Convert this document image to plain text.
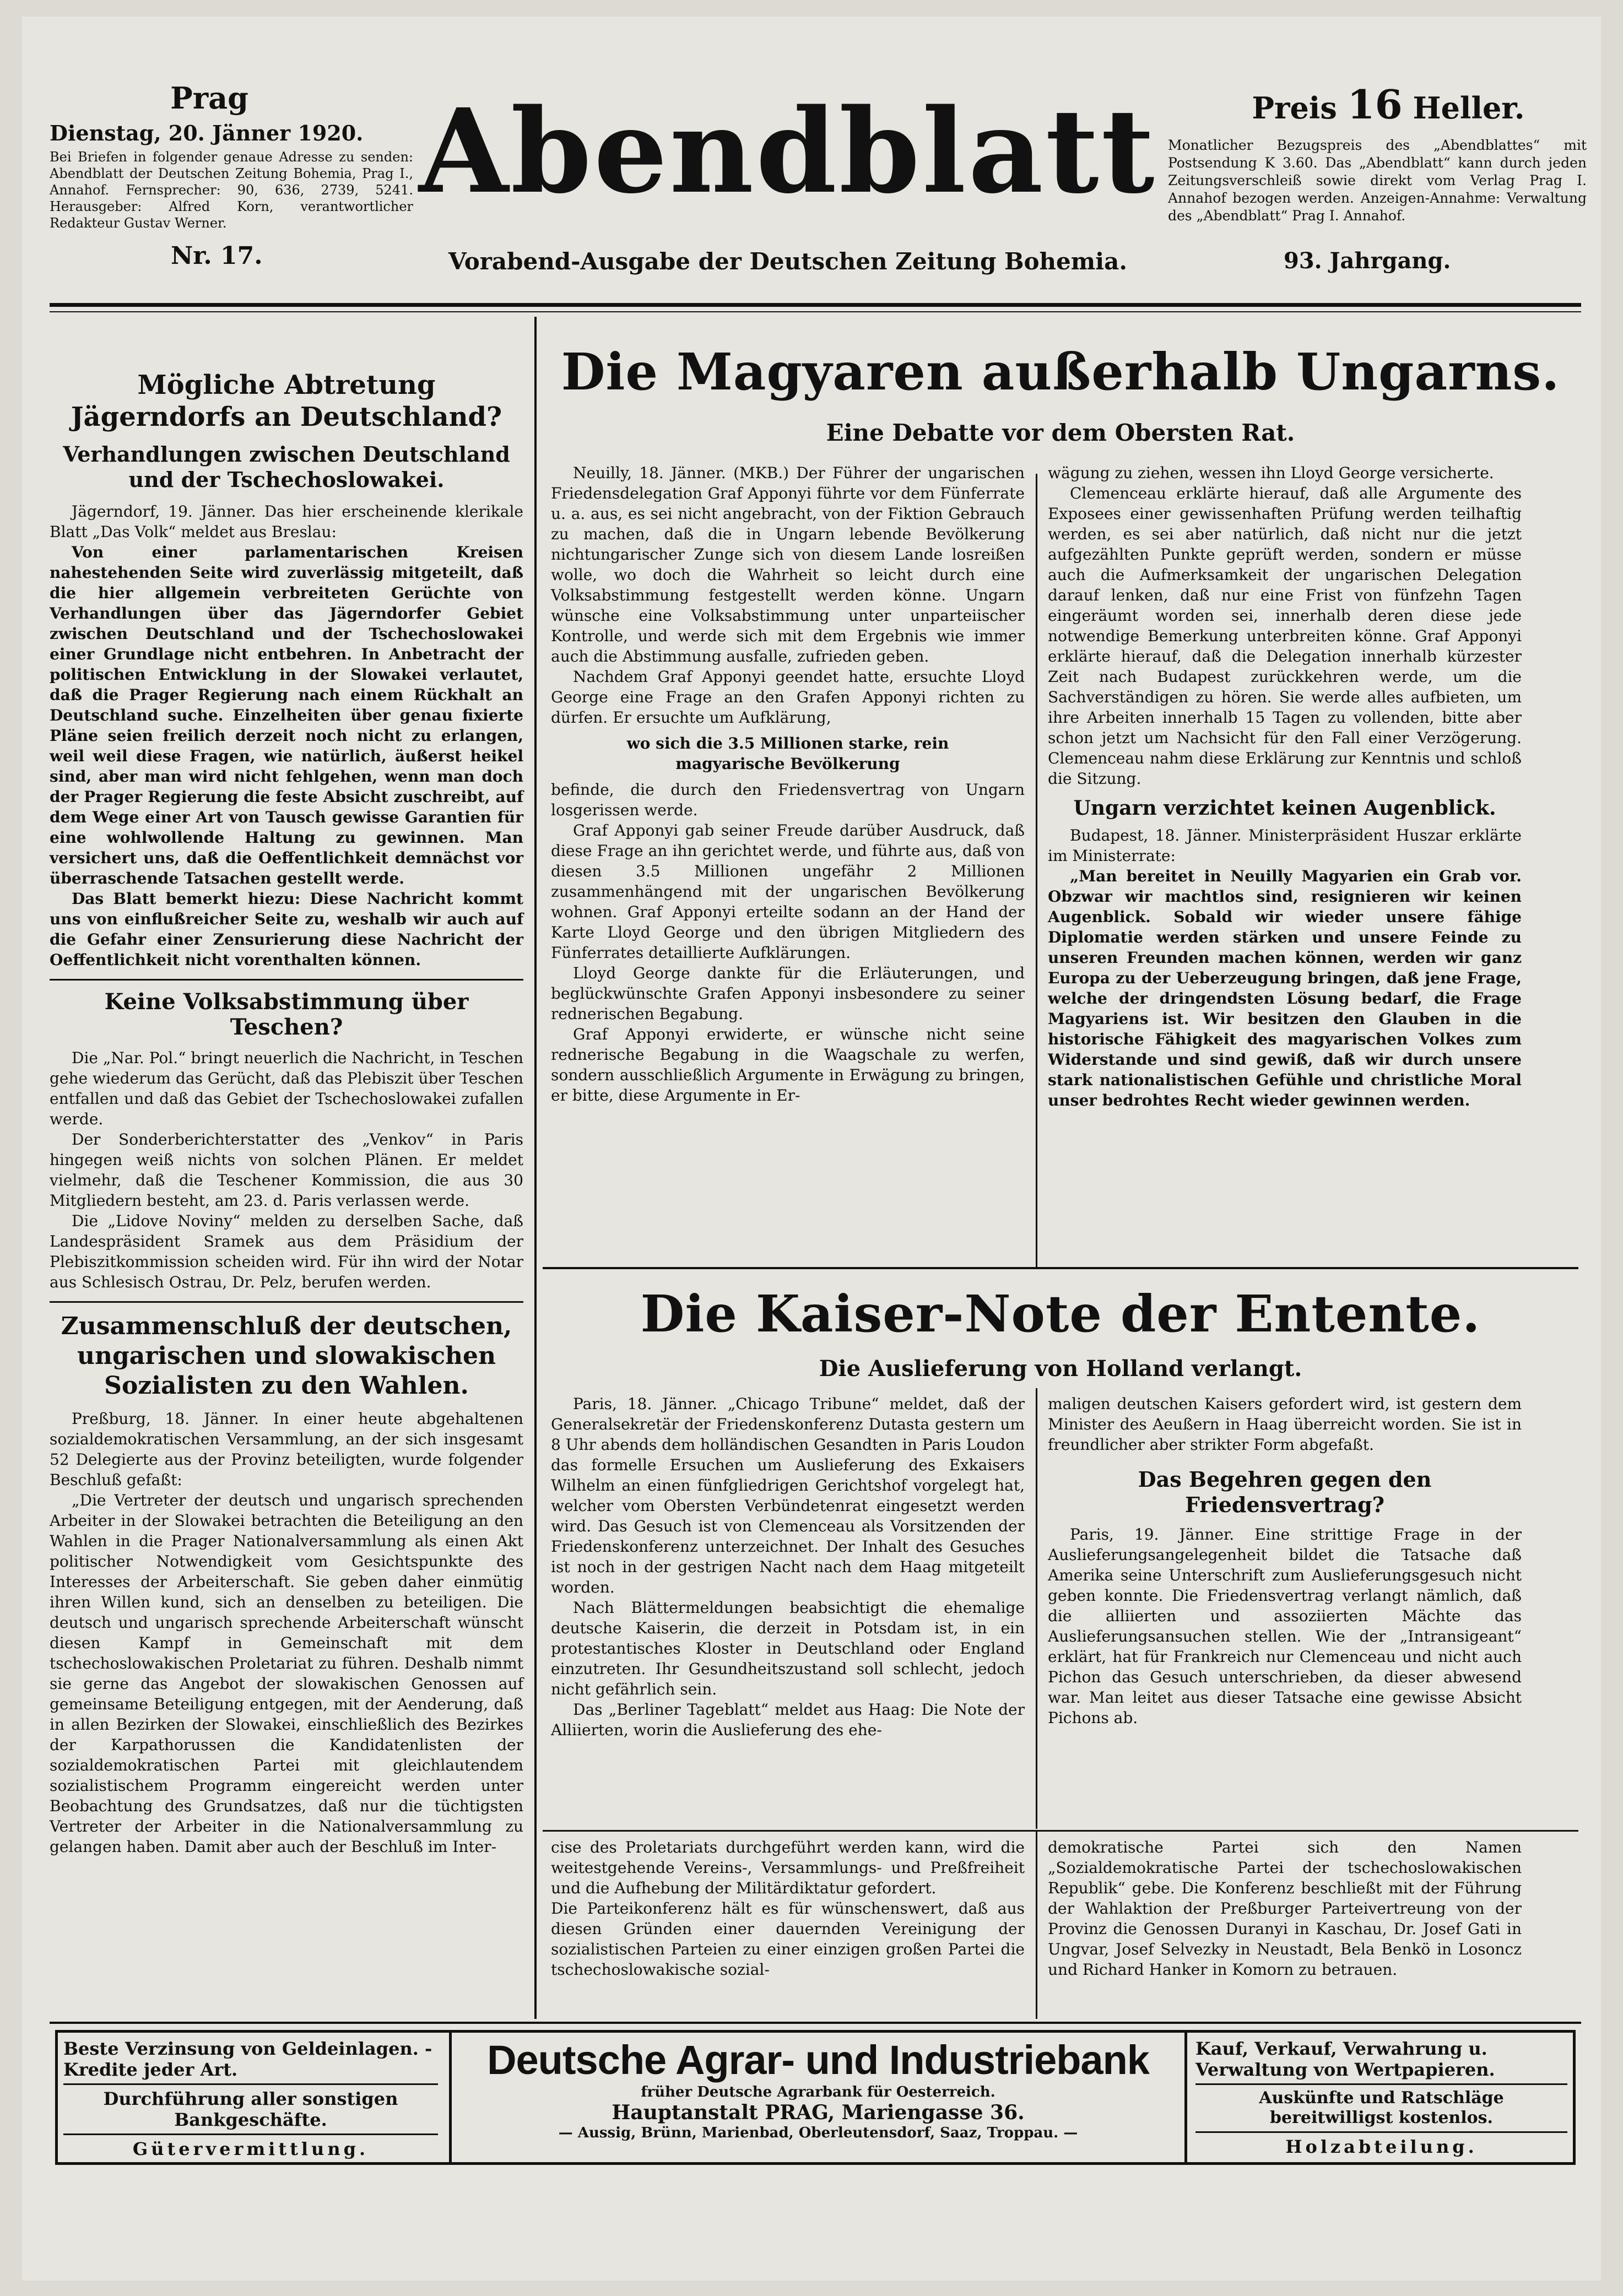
Prag
Dienstag, 20. Jänner 1920.
Bei Briefen in folgender genaue Adresse zu senden: Abendblatt der Deutschen Zeitung Bohemia, Prag I., Annahof. Fernsprecher: 90, 636, 2739, 5241. Herausgeber: Alfred Korn, verantwortlicher Redakteur Gustav Werner.
Nr. 17.
Abendblatt
Vorabend-Ausgabe der Deutschen Zeitung Bohemia.
Preis 16 Heller.
Monatlicher Bezugspreis des „Abendblattes“ mit Postsendung K 3.60. Das „Abendblatt“ kann durch jeden Zeitungsverschleiß sowie direkt vom Verlag Prag I. Annahof bezogen werden. Anzeigen-Annahme: Verwaltung des „Abendblatt“ Prag I. Annahof.
93. Jahrgang.
Mögliche Abtretung Jägerndorfs an Deutschland?
Verhandlungen zwischen Deutschland und der Tschechoslowakei.

Jägerndorf, 19. Jänner. Das hier erscheinende klerikale Blatt „Das Volk“ meldet aus Breslau:

Von einer parlamentarischen Kreisen nahestehenden Seite wird zuverlässig mitgeteilt, daß die hier allgemein verbreiteten Gerüchte von Verhandlungen über das Jägerndorfer Gebiet zwischen Deutschland und der Tschechoslowakei einer Grundlage nicht entbehren. In Anbetracht der politischen Entwicklung in der Slowakei verlautet, daß die Prager Regierung nach einem Rückhalt an Deutschland suche. Einzelheiten über genau fixierte Pläne seien freilich derzeit noch nicht zu erlangen, weil weil diese Fragen, wie natürlich, äußerst heikel sind, aber man wird nicht fehlgehen, wenn man doch der Prager Regierung die feste Absicht zuschreibt, auf dem Wege einer Art von Tausch gewisse Garantien für eine wohlwollende Haltung zu gewinnen. Man versichert uns, daß die Oeffentlichkeit demnächst vor überraschende Tatsachen gestellt werde.

Das Blatt bemerkt hiezu: Diese Nachricht kommt uns von einflußreicher Seite zu, weshalb wir auch auf die Gefahr einer Zensurierung diese Nachricht der Oeffentlichkeit nicht vorenthalten können.

Keine Volksabstimmung über Teschen?

Die „Nar. Pol.“ bringt neuerlich die Nachricht, in Teschen gehe wiederum das Gerücht, daß das Plebiszit über Teschen entfallen und daß das Gebiet der Tschechoslowakei zufallen werde.

Der Sonderberichterstatter des „Venkov“ in Paris hingegen weiß nichts von solchen Plänen. Er meldet vielmehr, daß die Teschener Kommission, die aus 30 Mitgliedern besteht, am 23. d. Paris verlassen werde.

Die „Lidove Noviny“ melden zu derselben Sache, daß Landespräsident Sramek aus dem Präsidium der Plebiszitkommission scheiden wird. Für ihn wird der Notar aus Schlesisch Ostrau, Dr. Pelz, berufen werden.

Zusammenschluß der deutschen, ungarischen und slowakischen Sozialisten zu den Wahlen.

Preßburg, 18. Jänner. In einer heute abgehaltenen sozialdemokratischen Versammlung, an der sich insgesamt 52 Delegierte aus der Provinz beteiligten, wurde folgender Beschluß gefaßt:

„Die Vertreter der deutsch und ungarisch sprechenden Arbeiter in der Slowakei betrachten die Beteiligung an den Wahlen in die Prager Nationalversammlung als einen Akt politischer Notwendigkeit vom Gesichtspunkte des Interesses der Arbeiterschaft. Sie geben daher einmütig ihren Willen kund, sich an denselben zu beteiligen. Die deutsch und ungarisch sprechende Arbeiterschaft wünscht diesen Kampf in Gemeinschaft mit dem tschechoslowakischen Proletariat zu führen. Deshalb nimmt sie gerne das Angebot der slowakischen Genossen auf gemeinsame Beteiligung entgegen, mit der Aenderung, daß in allen Bezirken der Slowakei, einschließlich des Bezirkes der Karpathorussen die Kandidatenlisten der sozialdemokratischen Partei mit gleichlautendem sozialistischem Programm eingereicht werden unter Beobachtung des Grundsatzes, daß nur die tüchtigsten Vertreter der Arbeiter in die Nationalversammlung zu gelangen haben. Damit aber auch der Beschluß im Inter-

Die Magyaren außerhalb Ungarns.
Eine Debatte vor dem Obersten Rat.

Neuilly, 18. Jänner. (MKB.) Der Führer der ungarischen Friedensdelegation Graf Apponyi führte vor dem Fünferrate u. a. aus, es sei nicht angebracht, von der Fiktion Gebrauch zu machen, daß die in Ungarn lebende Bevölkerung nichtungarischer Zunge sich von diesem Lande losreißen wolle, wo doch die Wahrheit so leicht durch eine Volksabstimmung festgestellt werden könne. Ungarn wünsche eine Volksabstimmung unter unparteiischer Kontrolle, und werde sich mit dem Ergebnis wie immer auch die Abstimmung ausfalle, zufrieden geben.

Nachdem Graf Apponyi geendet hatte, ersuchte Lloyd George eine Frage an den Grafen Apponyi richten zu dürfen. Er ersuchte um Aufklärung,

wo sich die 3.5 Millionen starke, rein magyarische Bevölkerung

befinde, die durch den Friedensvertrag von Ungarn losgerissen werde.

Graf Apponyi gab seiner Freude darüber Ausdruck, daß diese Frage an ihn gerichtet werde, und führte aus, daß von diesen 3.5 Millionen ungefähr 2 Millionen zusammenhängend mit der ungarischen Bevölkerung wohnen. Graf Apponyi erteilte sodann an der Hand der Karte Lloyd George und den übrigen Mitgliedern des Fünferrates detaillierte Aufklärungen.

Lloyd George dankte für die Erläuterungen, und beglückwünschte Grafen Apponyi insbesondere zu seiner rednerischen Begabung.

Graf Apponyi erwiderte, er wünsche nicht seine rednerische Begabung in die Waagschale zu werfen, sondern ausschließlich Argumente in Erwägung zu bringen, er bitte, diese Argumente in Er-

wägung zu ziehen, wessen ihn Lloyd George versicherte.

Clemenceau erklärte hierauf, daß alle Argumente des Exposees einer gewissenhaften Prüfung werden teilhaftig werden, es sei aber natürlich, daß nicht nur die jetzt aufgezählten Punkte geprüft werden, sondern er müsse auch die Aufmerksamkeit der ungarischen Delegation darauf lenken, daß nur eine Frist von fünfzehn Tagen eingeräumt worden sei, innerhalb deren diese jede notwendige Bemerkung unterbreiten könne. Graf Apponyi erklärte hierauf, daß die Delegation innerhalb kürzester Zeit nach Budapest zurückkehren werde, um die Sachverständigen zu hören. Sie werde alles aufbieten, um ihre Arbeiten innerhalb 15 Tagen zu vollenden, bitte aber schon jetzt um Nachsicht für den Fall einer Verzögerung. Clemenceau nahm diese Erklärung zur Kenntnis und schloß die Sitzung.

Ungarn verzichtet keinen Augenblick.

Budapest, 18. Jänner. Ministerpräsident Huszar erklärte im Ministerrate:

„Man bereitet in Neuilly Magyarien ein Grab vor. Obzwar wir machtlos sind, resignieren wir keinen Augenblick. Sobald wir wieder unsere fähige Diplomatie werden stärken und unsere Feinde zu unseren Freunden machen können, werden wir ganz Europa zu der Ueberzeugung bringen, daß jene Frage, welche der dringendsten Lösung bedarf, die Frage Magyariens ist. Wir besitzen den Glauben in die historische Fähigkeit des magyarischen Volkes zum Widerstande und sind gewiß, daß wir durch unsere stark nationalistischen Gefühle und christliche Moral unser bedrohtes Recht wieder gewinnen werden.

Die Kaiser-Note der Entente.
Die Auslieferung von Holland verlangt.

Paris, 18. Jänner. „Chicago Tribune“ meldet, daß der Generalsekretär der Friedenskonferenz Dutasta gestern um 8 Uhr abends dem holländischen Gesandten in Paris Loudon das formelle Ersuchen um Auslieferung des Exkaisers Wilhelm an einen fünfgliedrigen Gerichtshof vorgelegt hat, welcher vom Obersten Verbündetenrat eingesetzt werden wird. Das Gesuch ist von Clemenceau als Vorsitzenden der Friedenskonferenz unterzeichnet. Der Inhalt des Gesuches ist noch in der gestrigen Nacht nach dem Haag mitgeteilt worden.

Nach Blättermeldungen beabsichtigt die ehemalige deutsche Kaiserin, die derzeit in Potsdam ist, in ein protestantisches Kloster in Deutschland oder England einzutreten. Ihr Gesundheitszustand soll schlecht, jedoch nicht gefährlich sein.

Das „Berliner Tageblatt“ meldet aus Haag: Die Note der Alliierten, worin die Auslieferung des ehe-

maligen deutschen Kaisers gefordert wird, ist gestern dem Minister des Aeußern in Haag überreicht worden. Sie ist in freundlicher aber strikter Form abgefaßt.

Das Begehren gegen den Friedensvertrag?

Paris, 19. Jänner. Eine strittige Frage in der Auslieferungsangelegenheit bildet die Tatsache daß Amerika seine Unterschrift zum Auslieferungsgesuch nicht geben konnte. Die Friedensvertrag verlangt nämlich, daß die alliierten und assoziierten Mächte das Auslieferungsansuchen stellen. Wie der „Intransigeant“ erklärt, hat für Frankreich nur Clemenceau und nicht auch Pichon das Gesuch unterschrieben, da dieser abwesend war. Man leitet aus dieser Tatsache eine gewisse Absicht Pichons ab.

cise des Proletariats durchgeführt werden kann, wird die weitestgehende Vereins-, Versammlungs- und Preßfreiheit und die Aufhebung der Militärdiktatur gefordert.
Die Parteikonferenz hält es für wünschenswert, daß aus diesen Gründen einer dauernden Vereinigung der sozialistischen Parteien zu einer einzigen großen Partei die tschechoslowakische sozial-

demokratische Partei sich den Namen „Sozialdemokratische Partei der tschechoslowakischen Republik“ gebe. Die Konferenz beschließt mit der Führung der Wahlaktion der Preßburger Parteivertreung von der Provinz die Genossen Duranyi in Kaschau, Dr. Josef Gati in Ungvar, Josef Selvezky in Neustadt, Bela Benkö in Losoncz und Richard Hanker in Komorn zu betrauen.

Beste Verzinsung von Geldeinlagen. - Kredite jeder Art.
Durchführung aller sonstigen Bankgeschäfte.
Gütervermittlung.
Deutsche Agrar- und Industriebank
früher Deutsche Agrarbank für Oesterreich.
Hauptanstalt PRAG, Mariengasse 36.
— Aussig, Brünn, Marienbad, Oberleutensdorf, Saaz, Troppau. —
Kauf, Verkauf, Verwahrung u. Verwaltung von Wertpapieren.
Auskünfte und Ratschläge bereitwilligst kostenlos.
Holzabteilung.
